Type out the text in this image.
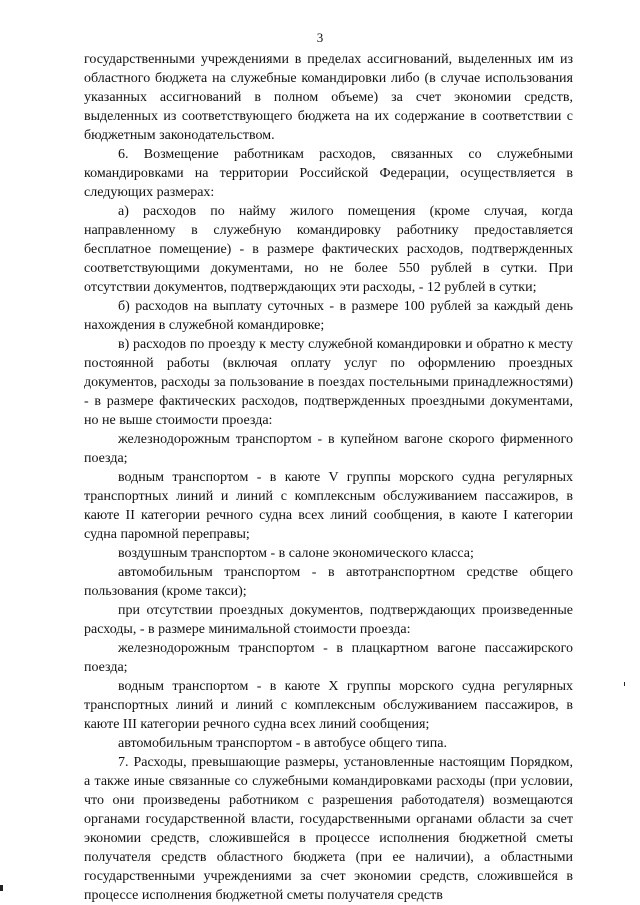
3

государственными учреждениями в пределах ассигнований, выделенных им из областного бюджета на служебные командировки либо (в случае использования указанных ассигнований в полном объеме) за счет экономии средств, выделенных из соответствующего бюджета на их содержание в соответствии с бюджетным законодательством.

6. Возмещение работникам расходов, связанных со служебными командировками на территории Российской Федерации, осуществляется в следующих размерах:

а) расходов по найму жилого помещения (кроме случая, когда направленному в служебную командировку работнику предоставляется бесплатное помещение) - в размере фактических расходов, подтвержденных соответствующими документами, но не более 550 рублей в сутки. При отсутствии документов, подтверждающих эти расходы, - 12 рублей в сутки;

б) расходов на выплату суточных - в размере 100 рублей за каждый день нахождения в служебной командировке;

в) расходов по проезду к месту служебной командировки и обратно к месту постоянной работы (включая оплату услуг по оформлению проездных документов, расходы за пользование в поездах постельными принадлежностями) - в размере фактических расходов, подтвержденных проездными документами, но не выше стоимости проезда:

железнодорожным транспортом - в купейном вагоне скорого фирменного поезда;

водным транспортом - в каюте V группы морского судна регулярных транспортных линий и линий с комплексным обслуживанием пассажиров, в каюте II категории речного судна всех линий сообщения, в каюте I категории судна паромной переправы;

воздушным транспортом - в салоне экономического класса;

автомобильным транспортом - в автотранспортном средстве общего пользования (кроме такси);

при отсутствии проездных документов, подтверждающих произведенные расходы, - в размере минимальной стоимости проезда:

железнодорожным транспортом - в плацкартном вагоне пассажирского поезда;

водным транспортом - в каюте X группы морского судна регулярных транспортных линий и линий с комплексным обслуживанием пассажиров, в каюте III категории речного судна всех линий сообщения;

автомобильным транспортом - в автобусе общего типа.

7. Расходы, превышающие размеры, установленные настоящим Порядком, а также иные связанные со служебными командировками расходы (при условии, что они произведены работником с разрешения работодателя) возмещаются органами государственной власти, государственными органами области за счет экономии средств, сложившейся в процессе исполнения бюджетной сметы получателя средств областного бюджета (при ее наличии), а областными государственными учреждениями за счет экономии средств, сложившейся в процессе исполнения бюджетной сметы получателя средств
